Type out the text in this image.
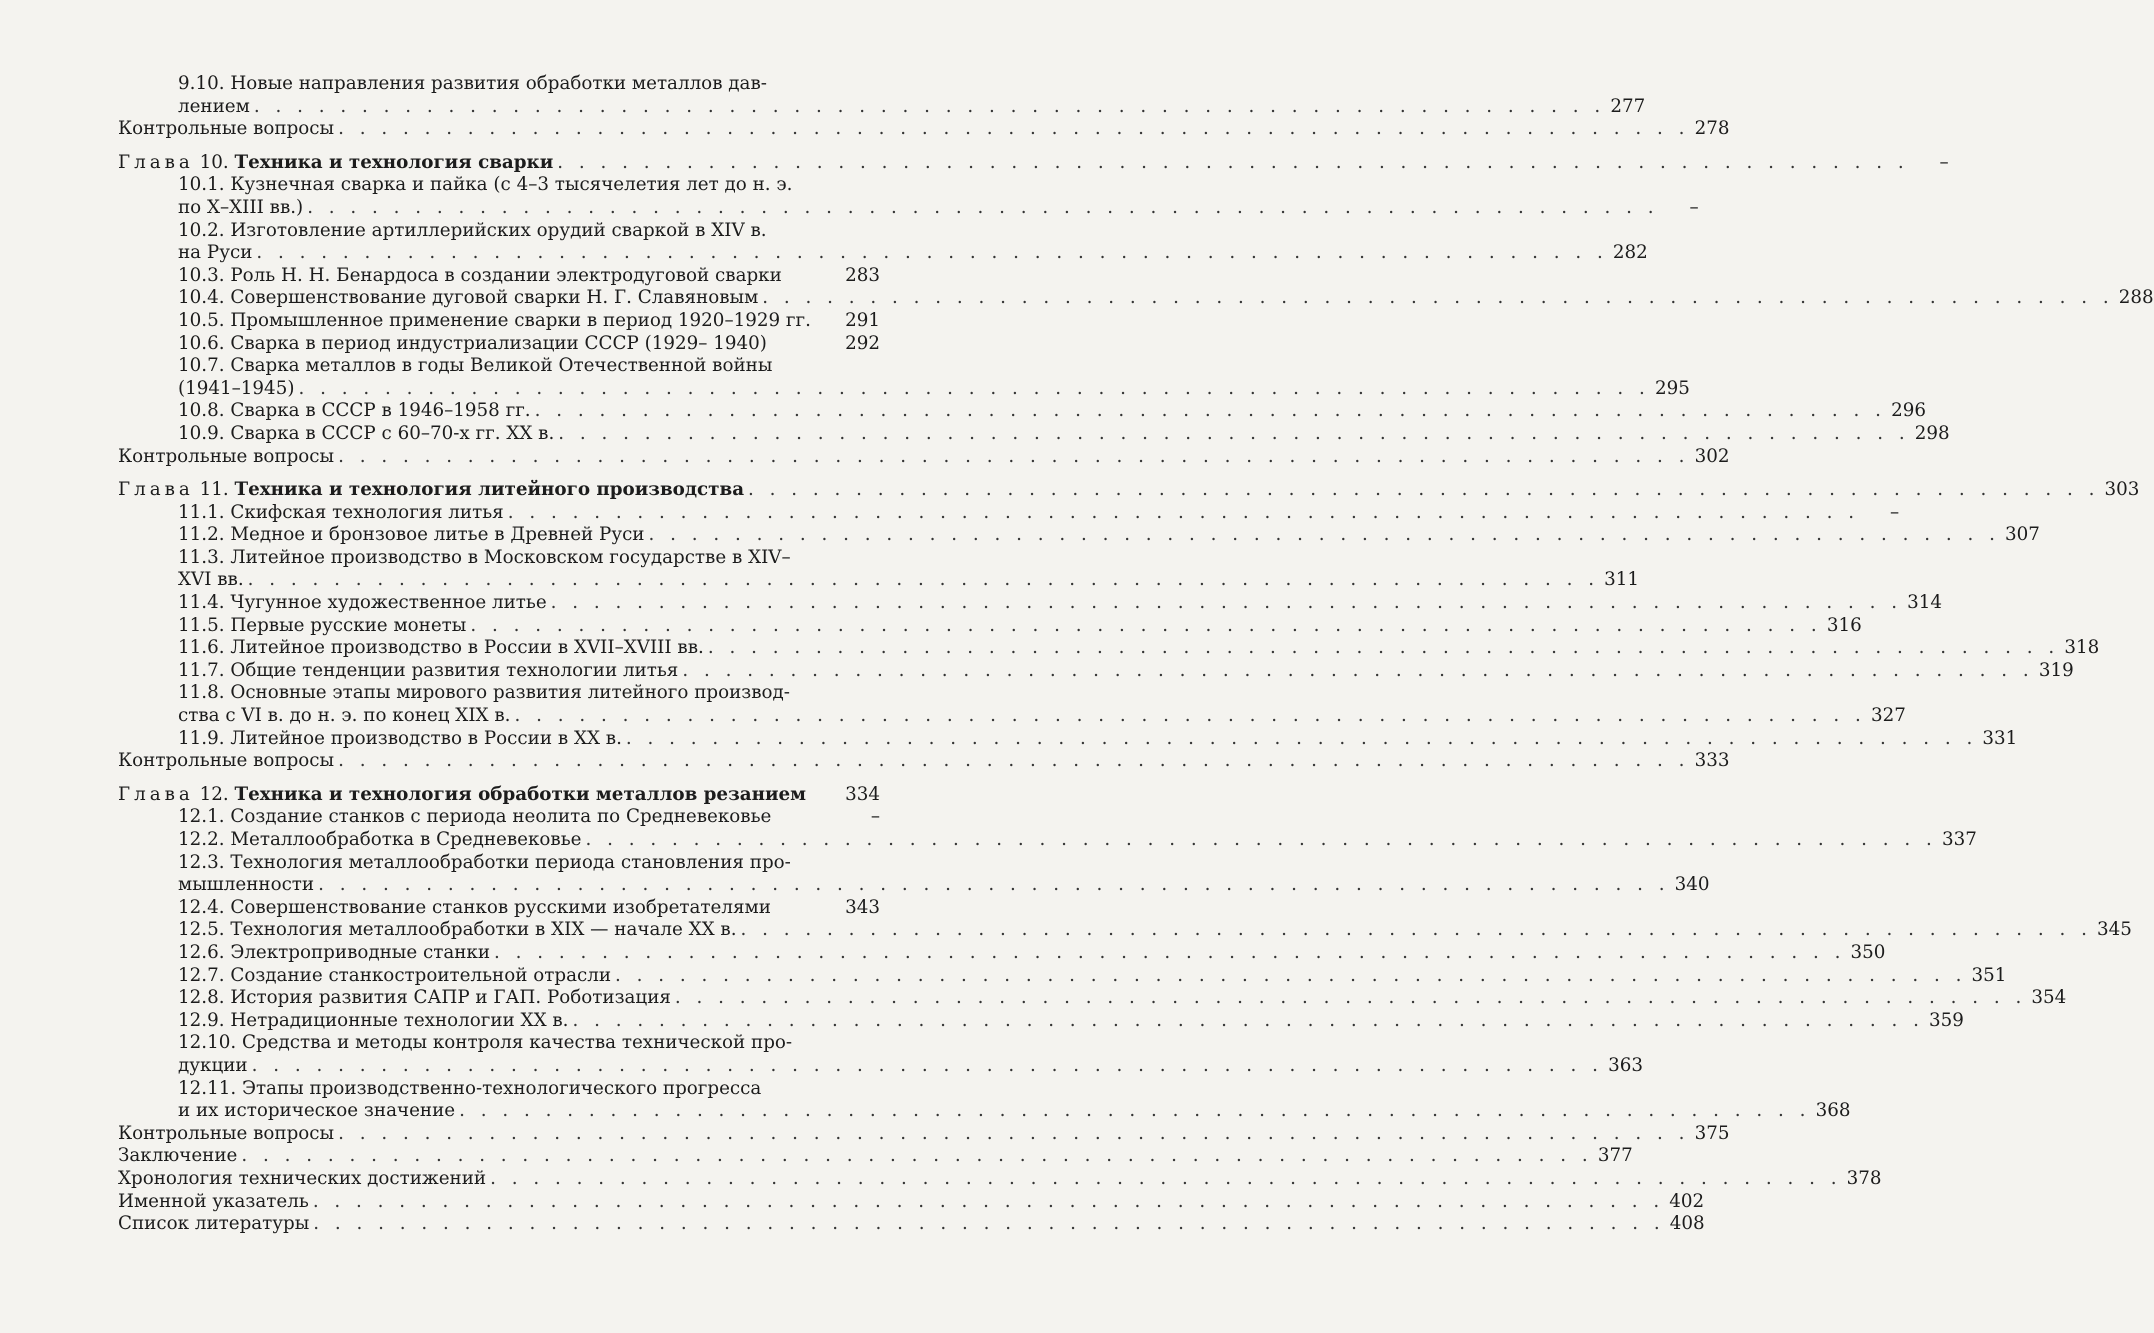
9.10. Новые направления развития обработки металлов дав-
лением . . . . . . . . . . . . . . . . . . . . . . . . . . . . . . . . . . . . . . . . . . . . . . . . . . . . . . . . . . . . . . . 277
Контрольные вопросы . . . . . . . . . . . . . . . . . . . . . . . . . . . . . . . . . . . . . . . . . . . . . . . . . . . . . . . . . . . . . . . 278
Глава 10. Техника и технология сварки . . . . . . . . . . . . . . . . . . . . . . . . . . . . . . . . . . . . . . . . . . . . . . . . . . . . . . . . . . . . . . .	–
10.1. Кузнечная сварка и пайка (с 4–3 тысячелетия лет до н. э.
по X–XIII вв.) . . . . . . . . . . . . . . . . . . . . . . . . . . . . . . . . . . . . . . . . . . . . . . . . . . . . . . . . . . . . . . .	–
10.2. Изготовление артиллерийских орудий сваркой в XIV в.
на Руси . . . . . . . . . . . . . . . . . . . . . . . . . . . . . . . . . . . . . . . . . . . . . . . . . . . . . . . . . . . . . . . 282
10.3. Роль Н. Н. Бенардоса в создании электродуговой сварки	283
10.4. Совершенствование дуговой сварки Н. Г. Славяновым . . . . . . . . . . . . . . . . . . . . . . . . . . . . . . . . . . . . . . . . . . . . . . . . . . . . . . . . . . . . . . . 288
10.5. Промышленное применение сварки в период 1920–1929 гг. 291
10.6. Сварка в период индустриализации СССР (1929– 1940)	292
10.7. Сварка металлов в годы Великой Отечественной войны
(1941–1945) . . . . . . . . . . . . . . . . . . . . . . . . . . . . . . . . . . . . . . . . . . . . . . . . . . . . . . . . . . . . . . . 295
10.8. Сварка в СССР в 1946–1958 гг. . . . . . . . . . . . . . . . . . . . . . . . . . . . . . . . . . . . . . . . . . . . . . . . . . . . . . . . . . . . . . . . 296
10.9. Сварка в СССР с 60–70-х гг. XX в. . . . . . . . . . . . . . . . . . . . . . . . . . . . . . . . . . . . . . . . . . . . . . . . . . . . . . . . . . . . . . . . 298
Контрольные вопросы . . . . . . . . . . . . . . . . . . . . . . . . . . . . . . . . . . . . . . . . . . . . . . . . . . . . . . . . . . . . . . . 302
Глава 11. Техника и технология литейного производства . . . . . . . . . . . . . . . . . . . . . . . . . . . . . . . . . . . . . . . . . . . . . . . . . . . . . . . . . . . . . . . 303
11.1. Скифская технология литья . . . . . . . . . . . . . . . . . . . . . . . . . . . . . . . . . . . . . . . . . . . . . . . . . . . . . . . . . . . . . . .	–
11.2. Медное и бронзовое литье в Древней Руси . . . . . . . . . . . . . . . . . . . . . . . . . . . . . . . . . . . . . . . . . . . . . . . . . . . . . . . . . . . . . . . 307
11.3. Литейное производство в Московском государстве в XIV–
XVI вв. . . . . . . . . . . . . . . . . . . . . . . . . . . . . . . . . . . . . . . . . . . . . . . . . . . . . . . . . . . . . . . . 311
11.4. Чугунное художественное литье . . . . . . . . . . . . . . . . . . . . . . . . . . . . . . . . . . . . . . . . . . . . . . . . . . . . . . . . . . . . . . . 314
11.5. Первые русские монеты . . . . . . . . . . . . . . . . . . . . . . . . . . . . . . . . . . . . . . . . . . . . . . . . . . . . . . . . . . . . . . . 316
11.6. Литейное производство в России в XVII–XVIII вв. . . . . . . . . . . . . . . . . . . . . . . . . . . . . . . . . . . . . . . . . . . . . . . . . . . . . . . . . . . . . . . . 318
11.7. Общие тенденции развития технологии литья . . . . . . . . . . . . . . . . . . . . . . . . . . . . . . . . . . . . . . . . . . . . . . . . . . . . . . . . . . . . . . . 319
11.8. Основные этапы мирового развития литейного производ-
ства с VI в. до н. э. по конец XIX в. . . . . . . . . . . . . . . . . . . . . . . . . . . . . . . . . . . . . . . . . . . . . . . . . . . . . . . . . . . . . . . . 327
11.9. Литейное производство в России в XX в. . . . . . . . . . . . . . . . . . . . . . . . . . . . . . . . . . . . . . . . . . . . . . . . . . . . . . . . . . . . . . . . 331
Контрольные вопросы . . . . . . . . . . . . . . . . . . . . . . . . . . . . . . . . . . . . . . . . . . . . . . . . . . . . . . . . . . . . . . . 333
Глава 12. Техника и технология обработки металлов резанием 334
12.1. Создание станков с периода неолита по Средневековье	–
12.2. Металлообработка в Средневековье . . . . . . . . . . . . . . . . . . . . . . . . . . . . . . . . . . . . . . . . . . . . . . . . . . . . . . . . . . . . . . . 337
12.3. Технология металлообработки периода становления про-
мышленности . . . . . . . . . . . . . . . . . . . . . . . . . . . . . . . . . . . . . . . . . . . . . . . . . . . . . . . . . . . . . . . 340
12.4. Совершенствование станков русскими изобретателями	343
12.5. Технология металлообработки в XIX — начале XX в. . . . . . . . . . . . . . . . . . . . . . . . . . . . . . . . . . . . . . . . . . . . . . . . . . . . . . . . . . . . . . . . 345
12.6. Электроприводные станки . . . . . . . . . . . . . . . . . . . . . . . . . . . . . . . . . . . . . . . . . . . . . . . . . . . . . . . . . . . . . . . 350
12.7. Создание станкостроительной отрасли . . . . . . . . . . . . . . . . . . . . . . . . . . . . . . . . . . . . . . . . . . . . . . . . . . . . . . . . . . . . . . . 351
12.8. История развития САПР и ГАП. Роботизация . . . . . . . . . . . . . . . . . . . . . . . . . . . . . . . . . . . . . . . . . . . . . . . . . . . . . . . . . . . . . . . 354
12.9. Нетрадиционные технологии XX в. . . . . . . . . . . . . . . . . . . . . . . . . . . . . . . . . . . . . . . . . . . . . . . . . . . . . . . . . . . . . . . . 359
12.10. Средства и методы контроля качества технической про-
дукции . . . . . . . . . . . . . . . . . . . . . . . . . . . . . . . . . . . . . . . . . . . . . . . . . . . . . . . . . . . . . . . 363
12.11. Этапы производственно-технологического прогресса
и их историческое значение . . . . . . . . . . . . . . . . . . . . . . . . . . . . . . . . . . . . . . . . . . . . . . . . . . . . . . . . . . . . . . . 368
Контрольные вопросы . . . . . . . . . . . . . . . . . . . . . . . . . . . . . . . . . . . . . . . . . . . . . . . . . . . . . . . . . . . . . . . 375
Заключение . . . . . . . . . . . . . . . . . . . . . . . . . . . . . . . . . . . . . . . . . . . . . . . . . . . . . . . . . . . . . . . 377
Хронология технических достижений . . . . . . . . . . . . . . . . . . . . . . . . . . . . . . . . . . . . . . . . . . . . . . . . . . . . . . . . . . . . . . . 378
Именной указатель . . . . . . . . . . . . . . . . . . . . . . . . . . . . . . . . . . . . . . . . . . . . . . . . . . . . . . . . . . . . . . . 402
Список литературы . . . . . . . . . . . . . . . . . . . . . . . . . . . . . . . . . . . . . . . . . . . . . . . . . . . . . . . . . . . . . . . 408
